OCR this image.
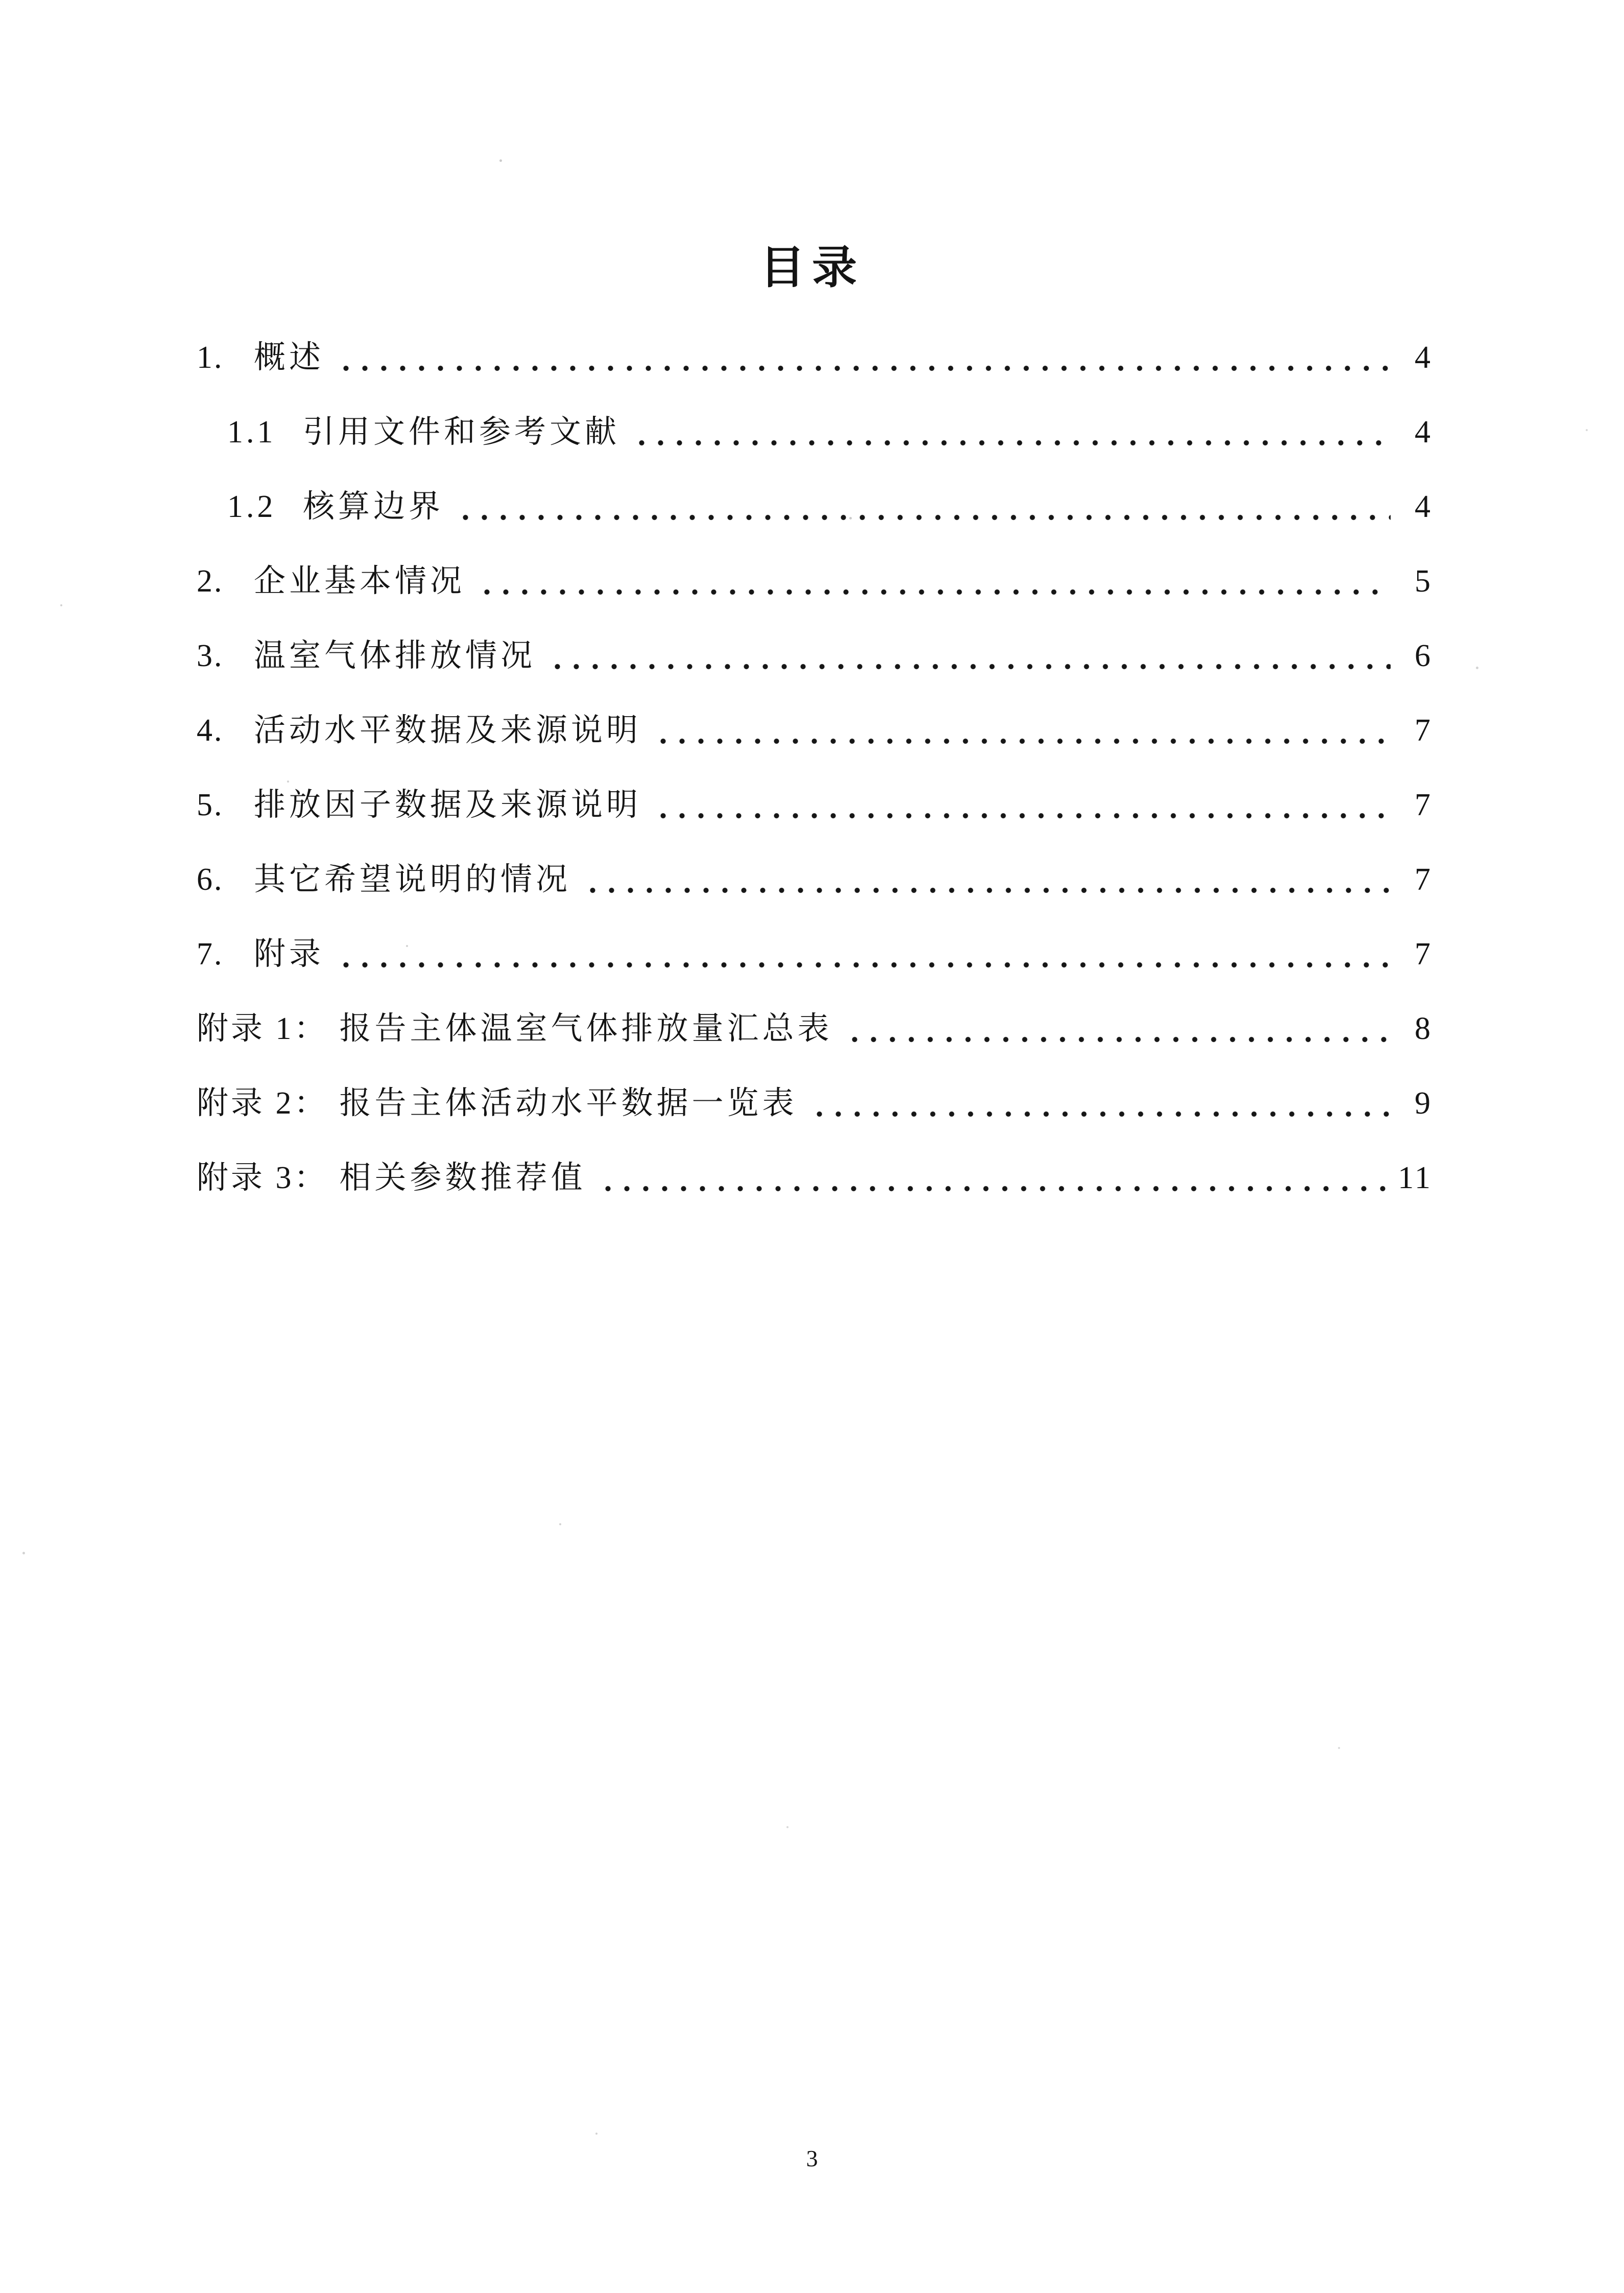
目录
1. 概述	4
1.1 引用文件和参考文献	4
1.2 核算边界	4
2. 企业基本情况	5
3. 温室气体排放情况	6
4. 活动水平数据及来源说明	7
5. 排放因子数据及来源说明	7
6. 其它希望说明的情况	7
7. 附录	7
附录 1： 报告主体温室气体排放量汇总表	8
附录 2： 报告主体活动水平数据一览表	9
附录 3： 相关参数推荐值	11
3
